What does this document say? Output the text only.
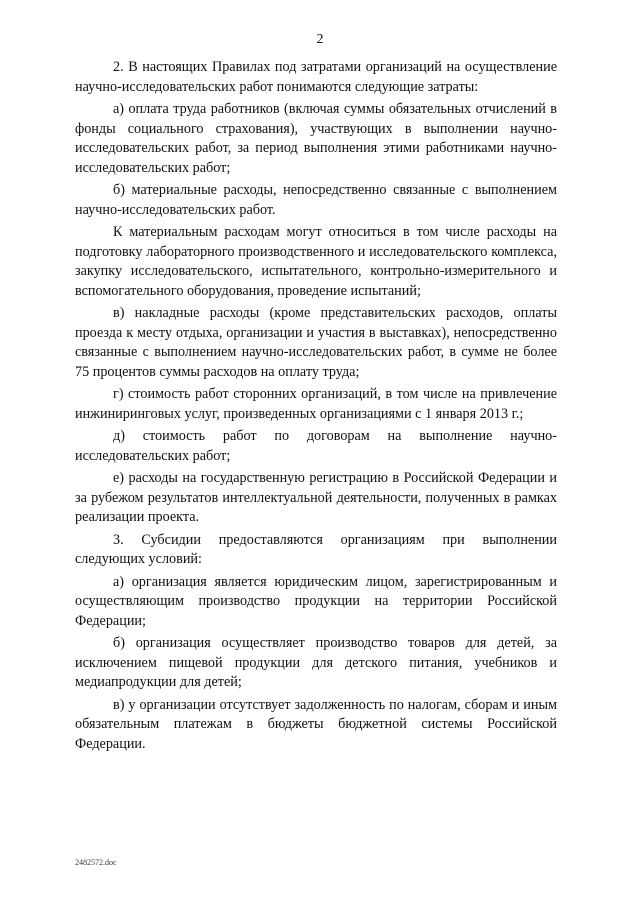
2

2. В настоящих Правилах под затратами организаций на осуществление научно-исследовательских работ понимаются следующие затраты:

а) оплата труда работников (включая суммы обязательных отчислений в фонды социального страхования), участвующих в выполнении научно-исследовательских работ, за период выполнения этими работниками научно-исследовательских работ;

б) материальные расходы, непосредственно связанные с выполнением научно-исследовательских работ.

К материальным расходам могут относиться в том числе расходы на подготовку лабораторного производственного и исследовательского комплекса, закупку исследовательского, испытательного, контрольно-измерительного и вспомогательного оборудования, проведение испытаний;

в) накладные расходы (кроме представительских расходов, оплаты проезда к месту отдыха, организации и участия в выставках), непосредственно связанные с выполнением научно-исследовательских работ, в сумме не более 75 процентов суммы расходов на оплату труда;

г) стоимость работ сторонних организаций, в том числе на привлечение инжиниринговых услуг, произведенных организациями с 1 января 2013 г.;

д) стоимость работ по договорам на выполнение научно-исследовательских работ;

е) расходы на государственную регистрацию в Российской Федерации и за рубежом результатов интеллектуальной деятельности, полученных в рамках реализации проекта.

3. Субсидии предоставляются организациям при выполнении следующих условий:

а) организация является юридическим лицом, зарегистрированным и осуществляющим производство продукции на территории Российской Федерации;

б) организация осуществляет производство товаров для детей, за исключением пищевой продукции для детского питания, учебников и медиапродукции для детей;

в) у организации отсутствует задолженность по налогам, сборам и иным обязательным платежам в бюджеты бюджетной системы Российской Федерации.

2482572.doc
